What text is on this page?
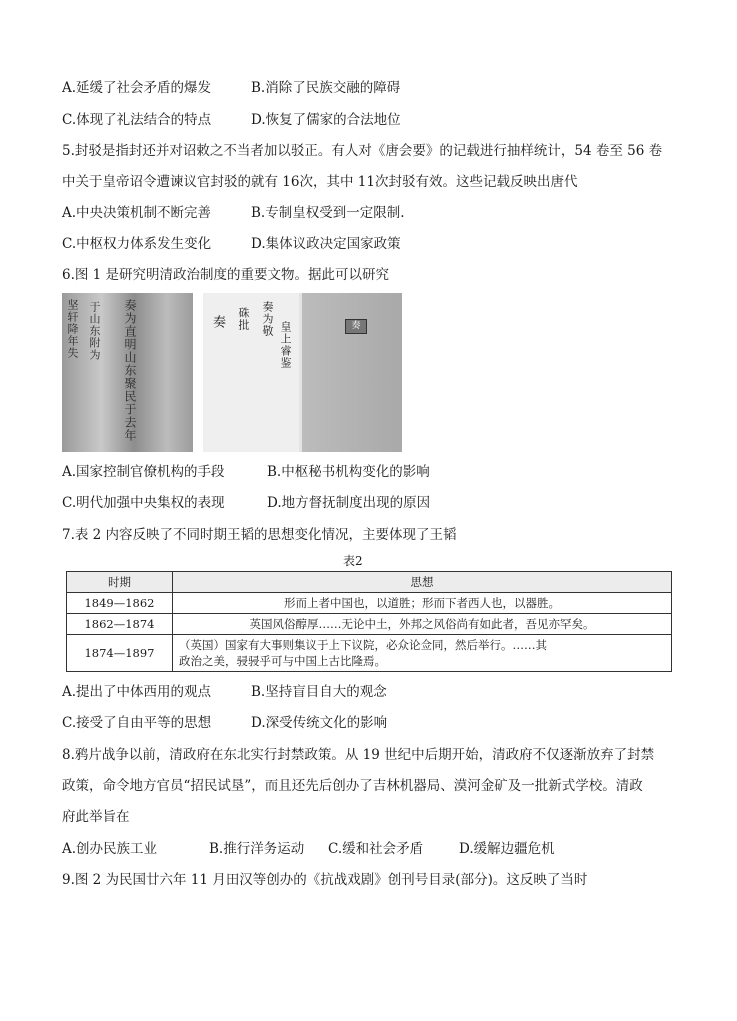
A.延缓了社会矛盾的爆发	B.消除了民族交融的障碍
C.体现了礼法结合的特点	D.恢复了儒家的合法地位
5.封驳是指封还并对诏敕之不当者加以驳正。有人对《唐会要》的记载进行抽样统计，54 卷至 56 卷
中关于皇帝诏令遭谏议官封驳的就有 16次，其中 11次封驳有效。这些记载反映出唐代
A.中央决策机制不断完善	B.专制皇权受到一定限制.
C.中枢权力体系发生变化	D.集体议政决定国家政策
6.图 1 是研究明清政治制度的重要文物。据此可以研究
坚轩降年失 于山东附为 奏为直明山东聚民于去年	奏 硃批 奏为敬
皇上睿鉴	奏
A.国家控制官僚机构的手段	B.中枢秘书机构变化的影响
C.明代加强中央集权的表现	D.地方督抚制度出现的原因
7.表 2 内容反映了不同时期王韬的思想变化情况，主要体现了王韬
表2
时期	思想
1849—1862	形而上者中国也，以道胜；形而下者西人也，以器胜。
1862—1874	英国风俗醇厚……无论中土，外邦之风俗尚有如此者，吾见亦罕矣。
1874—1897	（英国）国家有大事则集议于上下议院，必众论佥同，然后举行。……其
政治之美，骎骎乎可与中国上古比隆焉。
A.提出了中体西用的观点	B.坚持盲目自大的观念
C.接受了自由平等的思想	D.深受传统文化的影响
8.鸦片战争以前，清政府在东北实行封禁政策。从 19 世纪中后期开始，清政府不仅逐渐放弃了封禁
政策，命令地方官员“招民试垦”，而且还先后创办了吉林机器局、漠河金矿及一批新式学校。清政
府此举旨在
A.创办民族工业	B.推行洋务运动 C.缓和社会矛盾	D.缓解边疆危机
9.图 2 为民国廿六年 11 月田汉等创办的《抗战戏剧》创刊号目录(部分)。这反映了当时
